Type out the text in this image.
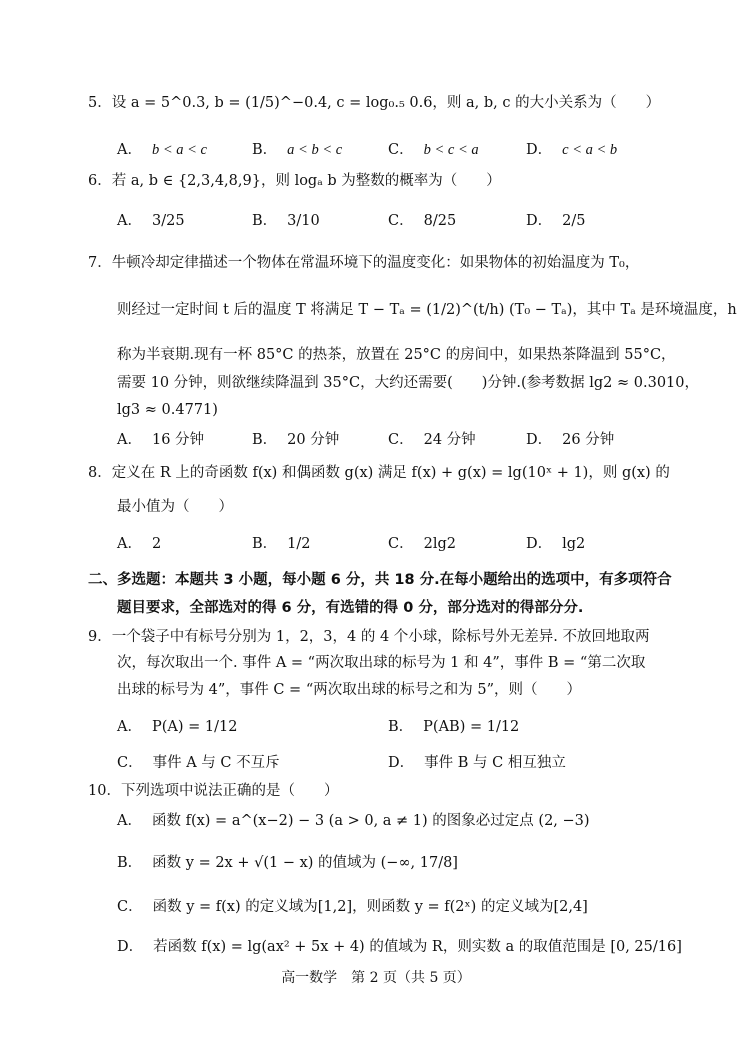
5．设 a = 5^0.3, b = (1/5)^−0.4, c = log₀.₅ 0.6，则 a, b, c 的大小关系为（　　）
A． b < a < c	B． a < b < c	C． b < c < a	D． c < a < b
6．若 a, b ∈ {2,3,4,8,9}，则 logₐ b 为整数的概率为（　　）
A． 3/25	B． 3/10	C． 8/25	D． 2/5
7．牛顿冷却定律描述一个物体在常温环境下的温度变化：如果物体的初始温度为 T₀，
则经过一定时间 t 后的温度 T 将满足 T − Tₐ = (1/2)^(t/h) (T₀ − Tₐ)，其中 Tₐ 是环境温度，h
称为半衰期.现有一杯 85°C 的热茶，放置在 25°C 的房间中，如果热茶降温到 55°C，
需要 10 分钟，则欲继续降温到 35°C，大约还需要(　　)分钟.(参考数据 lg2 ≈ 0.3010，
lg3 ≈ 0.4771)
A． 16 分钟	B． 20 分钟	C． 24 分钟	D． 26 分钟
8．定义在 R 上的奇函数 f(x) 和偶函数 g(x) 满足 f(x) + g(x) = lg(10ˣ + 1)，则 g(x) 的
最小值为（　　）
A． 2	B． 1/2	C． 2lg2	D． lg2
二、多选题：本题共 3 小题，每小题 6 分，共 18 分.在每小题给出的选项中，有多项符合
题目要求，全部选对的得 6 分，有选错的得 0 分，部分选对的得部分分.
9．一个袋子中有标号分别为 1，2，3，4 的 4 个小球，除标号外无差异. 不放回地取两
次，每次取出一个. 事件 A = “两次取出球的标号为 1 和 4”，事件 B = “第二次取
出球的标号为 4”，事件 C = “两次取出球的标号之和为 5”，则（　　）
A． P(A) = 1/12	B． P(AB) = 1/12
C． 事件 A 与 C 不互斥	D． 事件 B 与 C 相互独立
10．下列选项中说法正确的是（　　）
A． 函数 f(x) = a^(x−2) − 3 (a > 0, a ≠ 1) 的图象必过定点 (2, −3)
B． 函数 y = 2x + √(1 − x) 的值域为 (−∞, 17/8]
C． 函数 y = f(x) 的定义域为[1,2]，则函数 y = f(2ˣ) 的定义域为[2,4]
D． 若函数 f(x) = lg(ax² + 5x + 4) 的值域为 R，则实数 a 的取值范围是 [0, 25/16]
高一数学　第 2 页（共 5 页）
